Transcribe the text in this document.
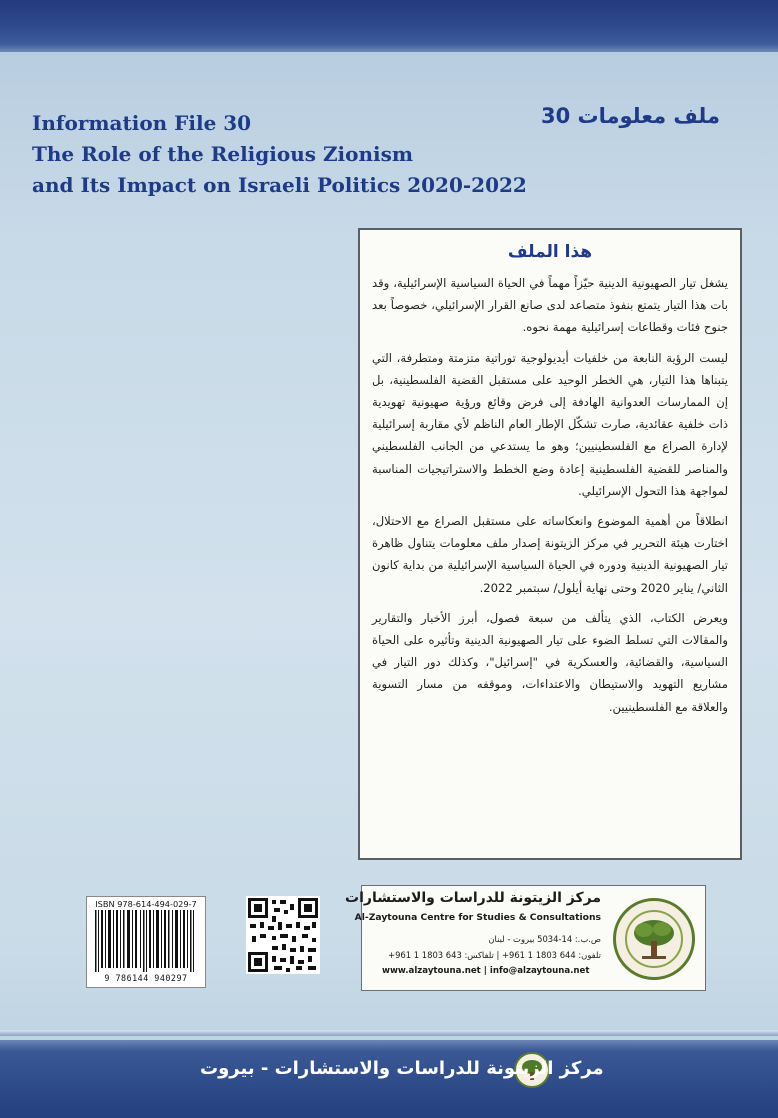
Information File 30
The Role of the Religious Zionism
and Its Impact on Israeli Politics 2020-2022
ملف معلومات 30
هذا الملف

يشغل تيار الصهيونية الدينية حيّزاً مهماً في الحياة السياسية الإسرائيلية، وقد بات هذا التيار يتمتع بنفوذ متصاعد لدى صانع القرار الإسرائيلي، خصوصاً بعد جنوح فئات وقطاعات إسرائيلية مهمة نحوه.

ليست الرؤية النابعة من خلفيات أيديولوجية توراتية متزمتة ومتطرفة، التي يتبناها هذا التيار، هي الخطر الوحيد على مستقبل القضية الفلسطينية، بل إن الممارسات العدوانية الهادفة إلى فرض وقائع ورؤية صهيونية تهويدية ذات خلفية عقائدية، صارت تشكّل الإطار العام الناظم لأي مقاربة إسرائيلية لإدارة الصراع مع الفلسطينيين؛ وهو ما يستدعي من الجانب الفلسطيني والمناصر للقضية الفلسطينية إعادة وضع الخطط والاستراتيجيات المناسبة لمواجهة هذا التحول الإسرائيلي.

انطلاقاً من أهمية الموضوع وانعكاساته على مستقبل الصراع مع الاحتلال، اختارت هيئة التحرير في مركز الزيتونة إصدار ملف معلومات يتناول ظاهرة تيار الصهيونية الدينية ودوره في الحياة السياسية الإسرائيلية من بداية كانون الثاني/ يناير 2020 وحتى نهاية أيلول/ سبتمبر 2022.

ويعرض الكتاب، الذي يتألف من سبعة فصول، أبرز الأخبار والتقارير والمقالات التي تسلط الضوء على تيار الصهيونية الدينية وتأثيره على الحياة السياسية، والقضائية، والعسكرية في "إسرائيل"، وكذلك دور التيار في مشاريع التهويد والاستيطان والاعتداءات، وموقفه من مسار التسوية والعلاقة مع الفلسطينيين.

ISBN 978-614-494-029-7
9 786144 940297
مركز الزيتونة للدراسات والاستشارات
Al-Zaytouna Centre for Studies & Consultations
ص.ب.: 14-5034 بيروت - لبنان
تلفون: 644 1803 1 961+ | تلفاكس: 643 1803 1 961+
www.alzaytouna.net | info@alzaytouna.net
مركز الزيتونة للدراسات والاستشارات - بيروت
